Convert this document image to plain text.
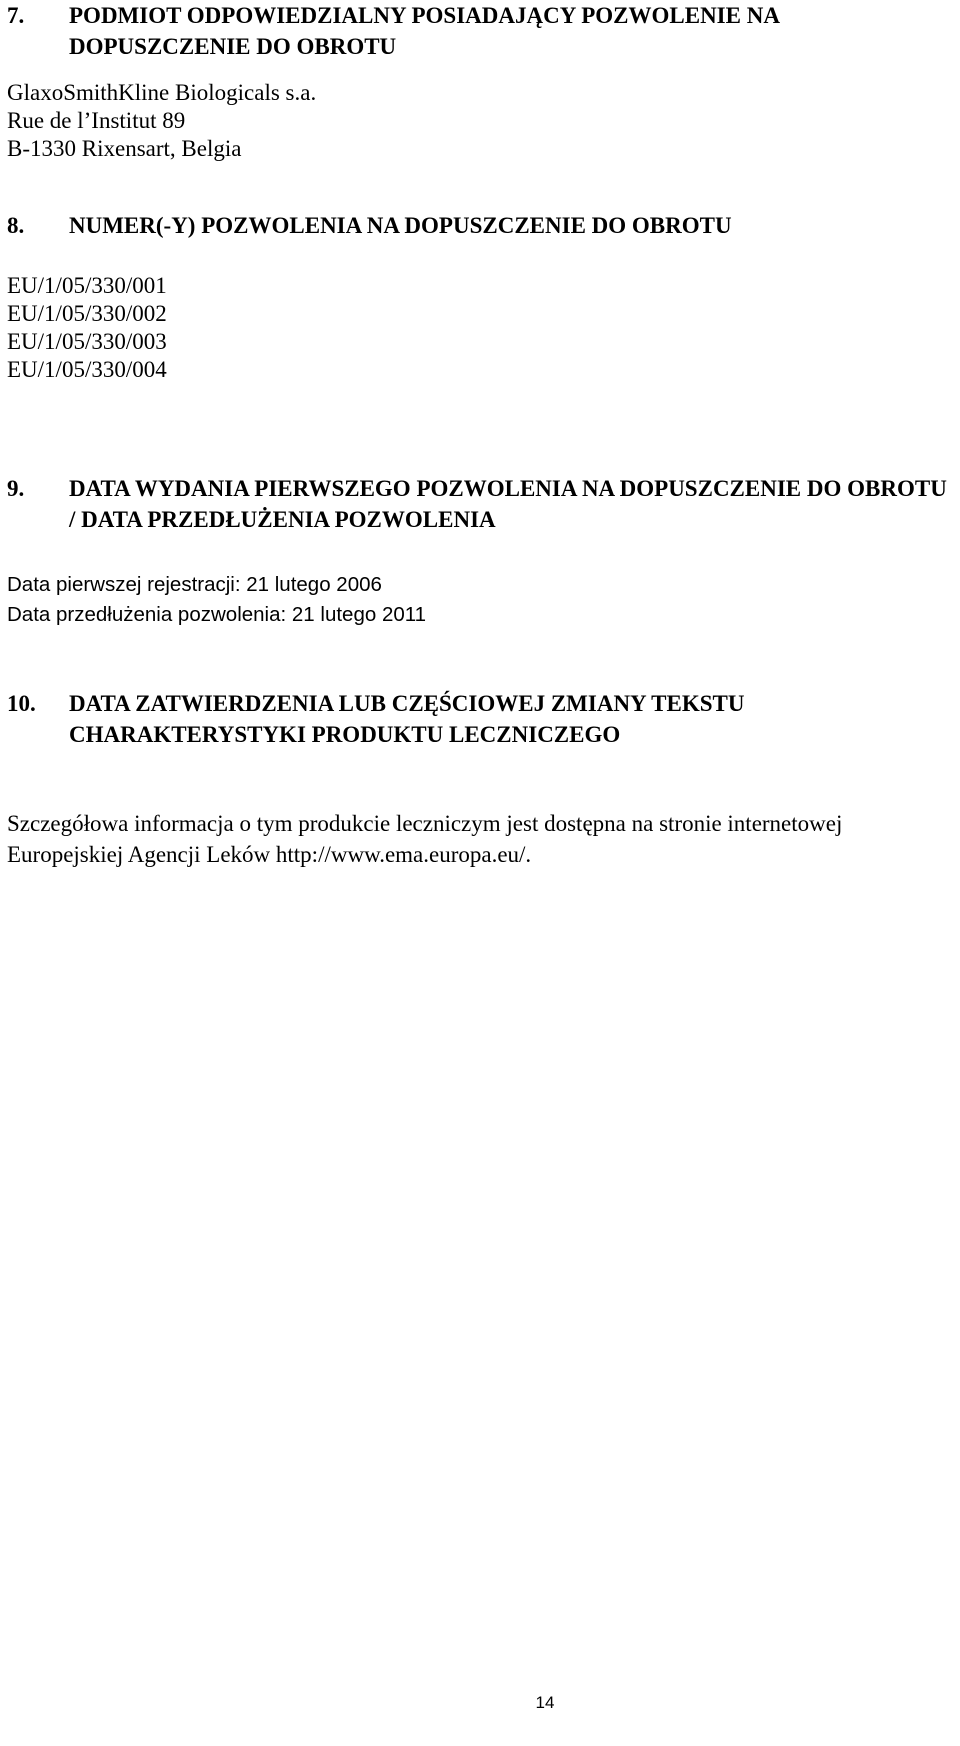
7.	PODMIOT ODPOWIEDZIALNY POSIADAJĄCY POZWOLENIE NA DOPUSZCZENIE DO OBROTU
GlaxoSmithKline Biologicals s.a.
Rue de l’Institut 89
B-1330 Rixensart, Belgia
8.	NUMER(-Y) POZWOLENIA NA DOPUSZCZENIE DO OBROTU
EU/1/05/330/001
EU/1/05/330/002
EU/1/05/330/003
EU/1/05/330/004
9.	DATA WYDANIA PIERWSZEGO POZWOLENIA NA DOPUSZCZENIE DO OBROTU / DATA PRZEDŁUŻENIA POZWOLENIA
Data pierwszej rejestracji: 21 lutego 2006
Data przedłużenia pozwolenia: 21 lutego 2011
10.	DATA ZATWIERDZENIA LUB CZĘŚCIOWEJ ZMIANY TEKSTU CHARAKTERYSTYKI PRODUKTU LECZNICZEGO
Szczegółowa informacja o tym produkcie leczniczym jest dostępna na stronie internetowej Europejskiej Agencji Leków http://www.ema.europa.eu/.
14
